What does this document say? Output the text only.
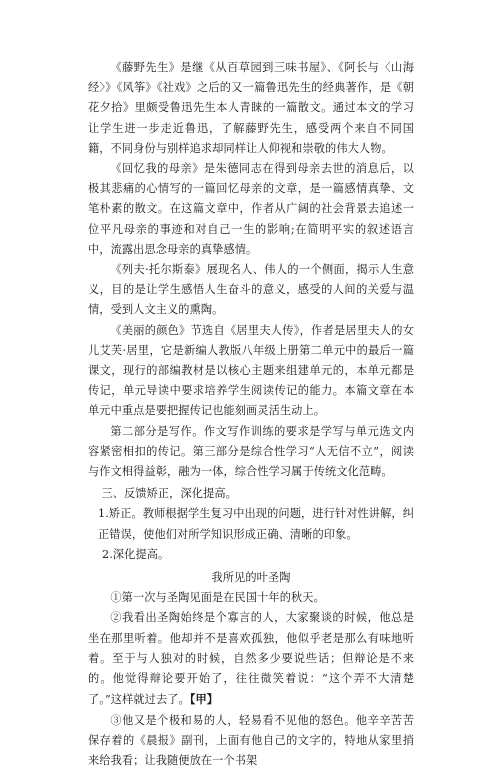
《藤野先生》是继《从百草园到三味书屋》、《阿长与〈山海经〉》《风筝》《社戏》之后的又一篇鲁迅先生的经典著作，是《朝花夕拾》里颇受鲁迅先生本人青睐的一篇散文。通过本文的学习让学生进一步走近鲁迅，了解藤野先生，感受两个来自不同国籍，不同身份与别样追求却同样让人仰视和崇敬的伟大人物。

《回忆我的母亲》是朱德同志在得到母亲去世的消息后，以极其悲痛的心情写的一篇回忆母亲的文章，是一篇感情真挚、文笔朴素的散文。在这篇文章中，作者从广阔的社会背景去追述一位平凡母亲的事迹和对自己一生的影响;在简明平实的叙述语言中，流露出思念母亲的真挚感情。

《列夫·托尔斯泰》展现名人、伟人的一个侧面，揭示人生意义，目的是让学生感悟人生奋斗的意义，感受的人间的关爱与温情，受到人文主义的熏陶。

《美丽的颜色》节选自《居里夫人传》，作者是居里夫人的女儿艾芙·居里，它是新编人教版八年级上册第二单元中的最后一篇课文，现行的部编教材是以核心主题来组建单元的，本单元都是传记，单元导读中要求培养学生阅读传记的能力。本篇文章在本单元中重点是要把握传记也能刻画灵活生动上。

第二部分是写作。作文写作训练的要求是学写与单元选文内容紧密相扣的传记。第三部分是综合性学习“人无信不立”，阅读与作文相得益彰，融为一体，综合性学习属于传统文化范畴。

三、反馈矫正，深化提高。

1.矫正。教师根据学生复习中出现的问题，进行针对性讲解，纠正错误，使他们对所学知识形成正确、清晰的印象。

2.深化提高。

我所见的叶圣陶

①第一次与圣陶见面是在民国十年的秋天。

②我看出圣陶始终是个寡言的人，大家聚谈的时候，他总是坐在那里听着。他却并不是喜欢孤独，他似乎老是那么有味地听着。至于与人独对的时候，自然多少要说些话；但辩论是不来的。他觉得辩论要开始了，往往微笑着说：“这个弄不大清楚了。”这样就过去了。【甲】

③他又是个极和易的人，轻易看不见他的怒色。他辛辛苦苦保存着的《晨报》副刊，上面有他自己的文字的，特地从家里捎来给我看；让我随便放在一个书架
